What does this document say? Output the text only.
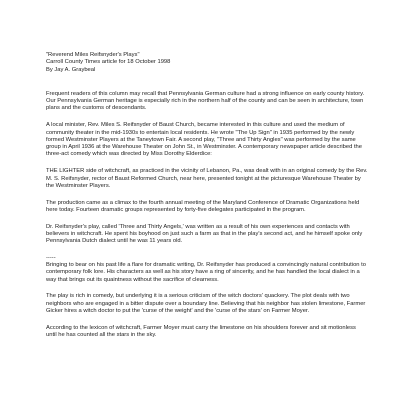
"Reverend Miles Reifsnyder's Plays"

Carroll County Times article for 18 October 1998

By Jay A. Graybeal

Frequent readers of this column may recall that Pennsylvania German culture had a strong influence on early county history. Our Pennsylvania German heritage is especially rich in the northern half of the county and can be seen in architecture, town plans and the customs of descendants.

A local minister, Rev. Miles S. Reifsnyder of Baust Church, became interested in this culture and used the medium of community theater in the mid-1930s to entertain local residents. He wrote "The Up Sign" in 1935 performed by the newly formed Westminster Players at the Taneytown Fair. A second play, "Three and Thirty Angles" was performed by the same group in April 1936 at the Warehouse Theater on John St., in Westminster. A contemporary newspaper article described the three-act comedy which was directed by Miss Dorothy Elderdice:

THE LIGHTER side of witchcraft, as practiced in the vicinity of Lebanon, Pa., was dealt with in an original comedy by the Rev. M. S. Reifsnyder, rector of Baust Reformed Church, near here, presented tonight at the picturesque Warehouse Theater by the Westminster Players.

The production came as a climax to the fourth annual meeting of the Maryland Conference of Dramatic Organizations held here today. Fourteen dramatic groups represented by forty-five delegates participated in the program.

Dr. Reifsnyder's play, called 'Three and Thirty Angels,' was written as a result of his own experiences and contacts with believers in witchcraft. He spent his boyhood on just such a farm as that in the play's second act, and he himself spoke only Pennsylvania Dutch dialect until he was 11 years old.

-----

Bringing to bear on his past life a flare for dramatic writing, Dr. Reifsnyder has produced a convincingly natural contribution to contemporary folk lore. His characters as well as his story have a ring of sincerity, and he has handled the local dialect in a way that brings out its quaintness without the sacrifice of clearness.

The play is rich in comedy, but underlying it is a serious criticism of the witch doctors' quackery. The plot deals with two neighbors who are engaged in a bitter dispute over a boundary line. Believing that his neighbor has stolen limestone, Farmer Gicker hires a witch doctor to put the 'curse of the weight' and the 'curse of the stars' on Farmer Moyer.

According to the lexicon of witchcraft, Farmer Moyer must carry the limestone on his shoulders forever and sit motionless until he has counted all the stars in the sky.
